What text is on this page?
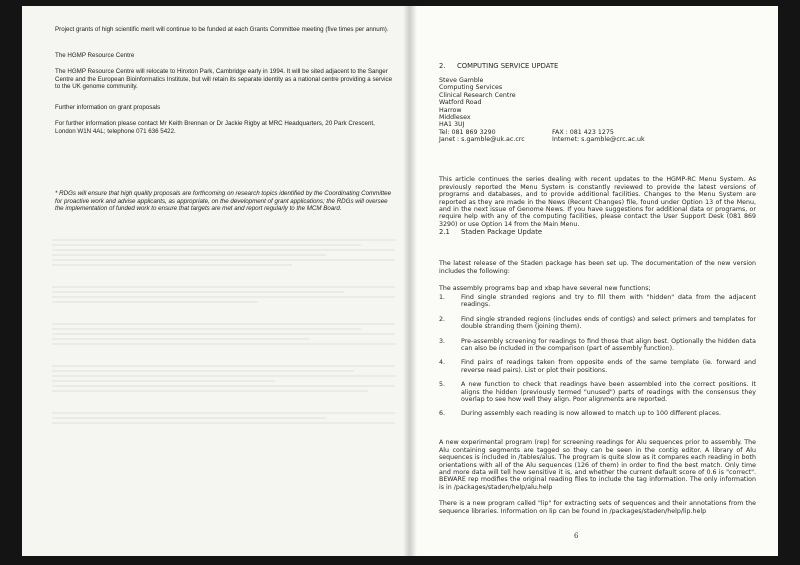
Project grants of high scientific merit will continue to be funded at each Grants Committee meeting (five times per annum).

The HGMP Resource Centre

The HGMP Resource Centre will relocate to Hinxton Park, Cambridge early in 1994. It will be sited adjacent to the Sanger Centre and the European Bioinformatics Institute, but will retain its separate identity as a national centre providing a service to the UK genome community.

Further information on grant proposals

For further information please contact Mr Keith Brennan or Dr Jackie Rigby at MRC Headquarters, 20 Park Crescent, London W1N 4AL; telephone 071 636 5422.

* RDGs will ensure that high quality proposals are forthcoming on research topics identified by the Coordinating Committee for proactive work and advise applicants, as appropriate, on the development of grant applications; the RDGs will oversee the implementation of funded work to ensure that targets are met and report regularly to the MCM Board.

2. COMPUTING SERVICE UPDATE
Steve Gamble
Computing Services
Clinical Research Centre
Watford Road
Harrow
Middlesex
HA1 3UJ
Tel: 081 869 3290	FAX : 081 423 1275
Janet : s.gamble@uk.ac.crc	Internet: s.gamble@crc.ac.uk

This article continues the series dealing with recent updates to the HGMP-RC Menu System. As previously reported the Menu System is constantly reviewed to provide the latest versions of programs and databases, and to provide additional facilities. Changes to the Menu System are reported as they are made in the News (Recent Changes) file, found under Option 13 of the Menu, and in the next issue of Genome News. If you have suggestions for additional data or programs, or require help with any of the computing facilities, please contact the User Support Desk (081 869 3290) or use Option 14 from the Main Menu.

2.1 Staden Package Update

The latest release of the Staden package has been set up. The documentation of the new version includes the following:

The assembly programs bap and xbap have several new functions;

1.	Find single stranded regions and try to fill them with "hidden" data from the adjacent readings.
2.	Find single stranded regions (includes ends of contigs) and select primers and templates for double stranding them (joining them).
3.	Pre-assembly screening for readings to find those that align best. Optionally the hidden data can also be included in the comparison (part of assembly function).
4.	Find pairs of readings taken from opposite ends of the same template (ie. forward and reverse read pairs). List or plot their positions.
5.	A new function to check that readings have been assembled into the correct positions. It aligns the hidden (previously termed "unused") parts of readings with the consensus they overlap to see how well they align. Poor alignments are reported.
6.	During assembly each reading is now allowed to match up to 100 different places.

A new experimental program (rep) for screening readings for Alu sequences prior to assembly. The Alu containing segments are tagged so they can be seen in the contig editor. A library of Alu sequences is included in /tables/alus. The program is quite slow as it compares each reading in both orientations with all of the Alu sequences (126 of them) in order to find the best match. Only time and more data will tell how sensitive it is, and whether the current default score of 0.6 is "correct". BEWARE rep modifies the original reading files to include the tag information. The only information is in /packages/staden/help/alu.help

There is a new program called "lip" for extracting sets of sequences and their annotations from the sequence libraries. Information on lip can be found in /packages/staden/help/lip.help

6
